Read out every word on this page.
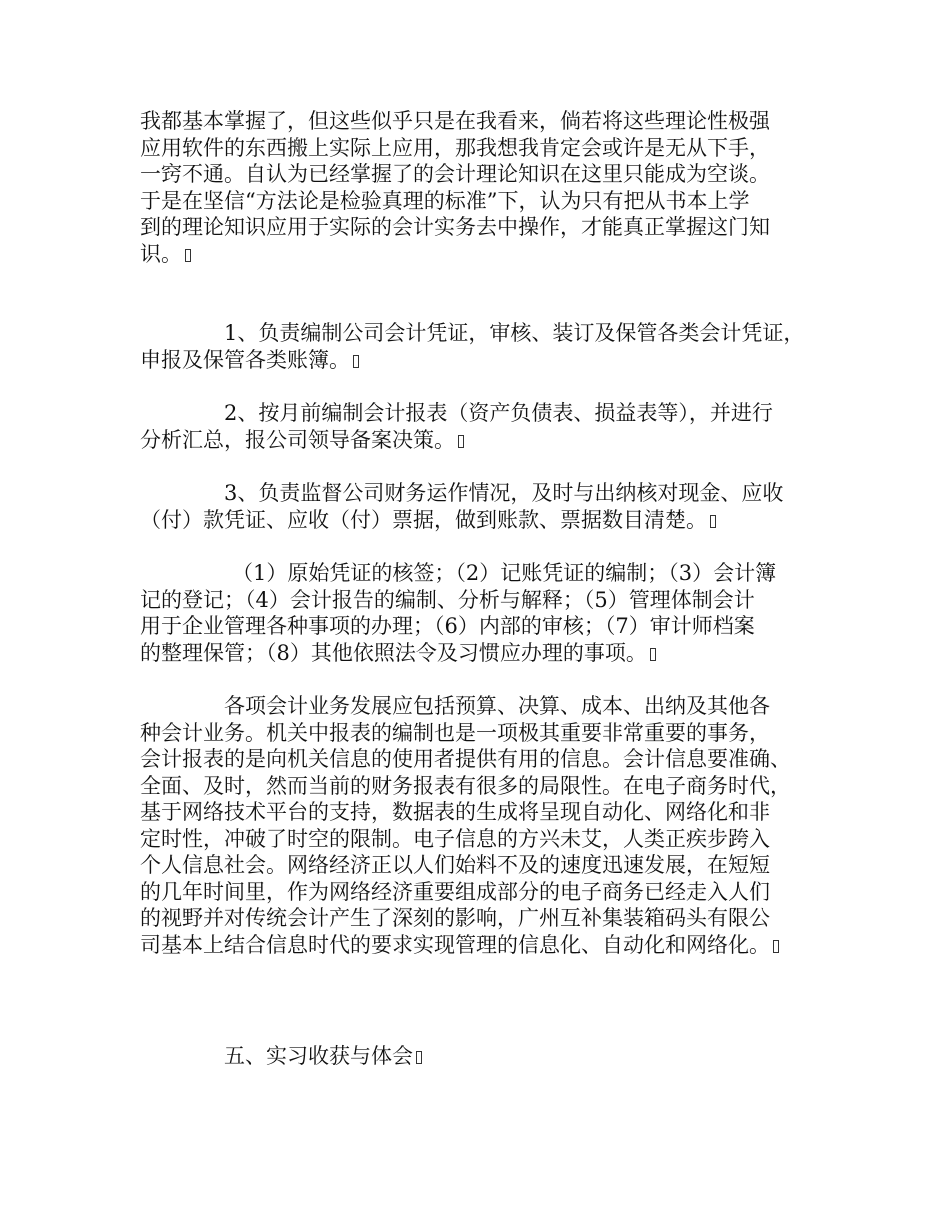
我都基本掌握了，但这些似乎只是在我看来，倘若将这些理论性极强
应用软件的东西搬上实际上应用，那我想我肯定会或许是无从下手，
一窍不通。自认为已经掌握了的会计理论知识在这里只能成为空谈。
于是在坚信“方法论是检验真理的标准”下，认为只有把从书本上学
到的理论知识应用于实际的会计实务去中操作，才能真正掌握这门知
识。
1、负责编制公司会计凭证，审核、装订及保管各类会计凭证，
申报及保管各类账簿。
2、按月前编制会计报表（资产负债表、损益表等），并进行
分析汇总，报公司领导备案决策。
3、负责监督公司财务运作情况，及时与出纳核对现金、应收
（付）款凭证、应收（付）票据，做到账款、票据数目清楚。
（1）原始凭证的核签；（2）记账凭证的编制；（3）会计簿
记的登记；（4）会计报告的编制、分析与解释；（5）管理体制会计
用于企业管理各种事项的办理；（6）内部的审核；（7）审计师档案
的整理保管；（8）其他依照法令及习惯应办理的事项。
各项会计业务发展应包括预算、决算、成本、出纳及其他各
种会计业务。机关中报表的编制也是一项极其重要非常重要的事务，
会计报表的是向机关信息的使用者提供有用的信息。会计信息要准确、
全面、及时，然而当前的财务报表有很多的局限性。在电子商务时代，
基于网络技术平台的支持，数据表的生成将呈现自动化、网络化和非
定时性，冲破了时空的限制。电子信息的方兴未艾，人类正疾步跨入
个人信息社会。网络经济正以人们始料不及的速度迅速发展，在短短
的几年时间里，作为网络经济重要组成部分的电子商务已经走入人们
的视野并对传统会计产生了深刻的影响，广州互补集装箱码头有限公
司基本上结合信息时代的要求实现管理的信息化、自动化和网络化。
五、实习收获与体会
